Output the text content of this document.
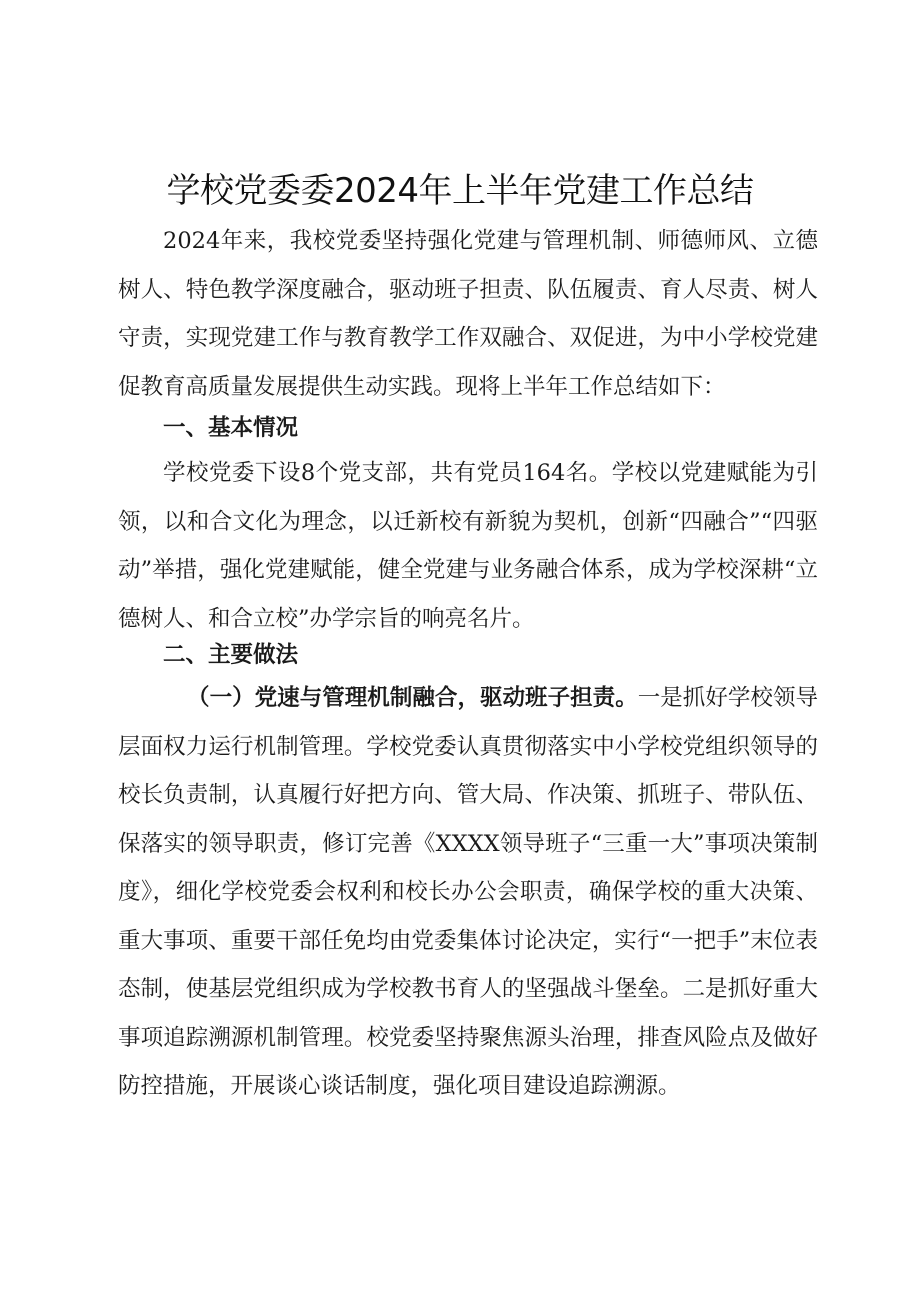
学校党委委2024年上半年党建工作总结
2024年来，我校党委坚持强化党建与管理机制、师德师风、立德树人、特色教学深度融合，驱动班子担责、队伍履责、育人尽责、树人守责，实现党建工作与教育教学工作双融合、双促进，为中小学校党建促教育高质量发展提供生动实践。现将上半年工作总结如下：
一、基本情况
学校党委下设8个党支部，共有党员164名。学校以党建赋能为引领，以和合文化为理念，以迁新校有新貌为契机，创新“四融合”“四驱动”举措，强化党建赋能，健全党建与业务融合体系，成为学校深耕“立德树人、和合立校”办学宗旨的响亮名片。
二、主要做法
（一）党速与管理机制融合，驱动班子担责。一是抓好学校领导层面权力运行机制管理。学校党委认真贯彻落实中小学校党组织领导的校长负责制，认真履行好把方向、管大局、作决策、抓班子、带队伍、保落实的领导职责，修订完善《XXXX领导班子“三重一大”事项决策制度》，细化学校党委会权利和校长办公会职责，确保学校的重大决策、重大事项、重要干部任免均由党委集体讨论决定，实行“一把手”末位表态制，使基层党组织成为学校教书育人的坚强战斗堡垒。二是抓好重大事项追踪溯源机制管理。校党委坚持聚焦源头治理，排查风险点及做好防控措施，开展谈心谈话制度，强化项目建设追踪溯源。
